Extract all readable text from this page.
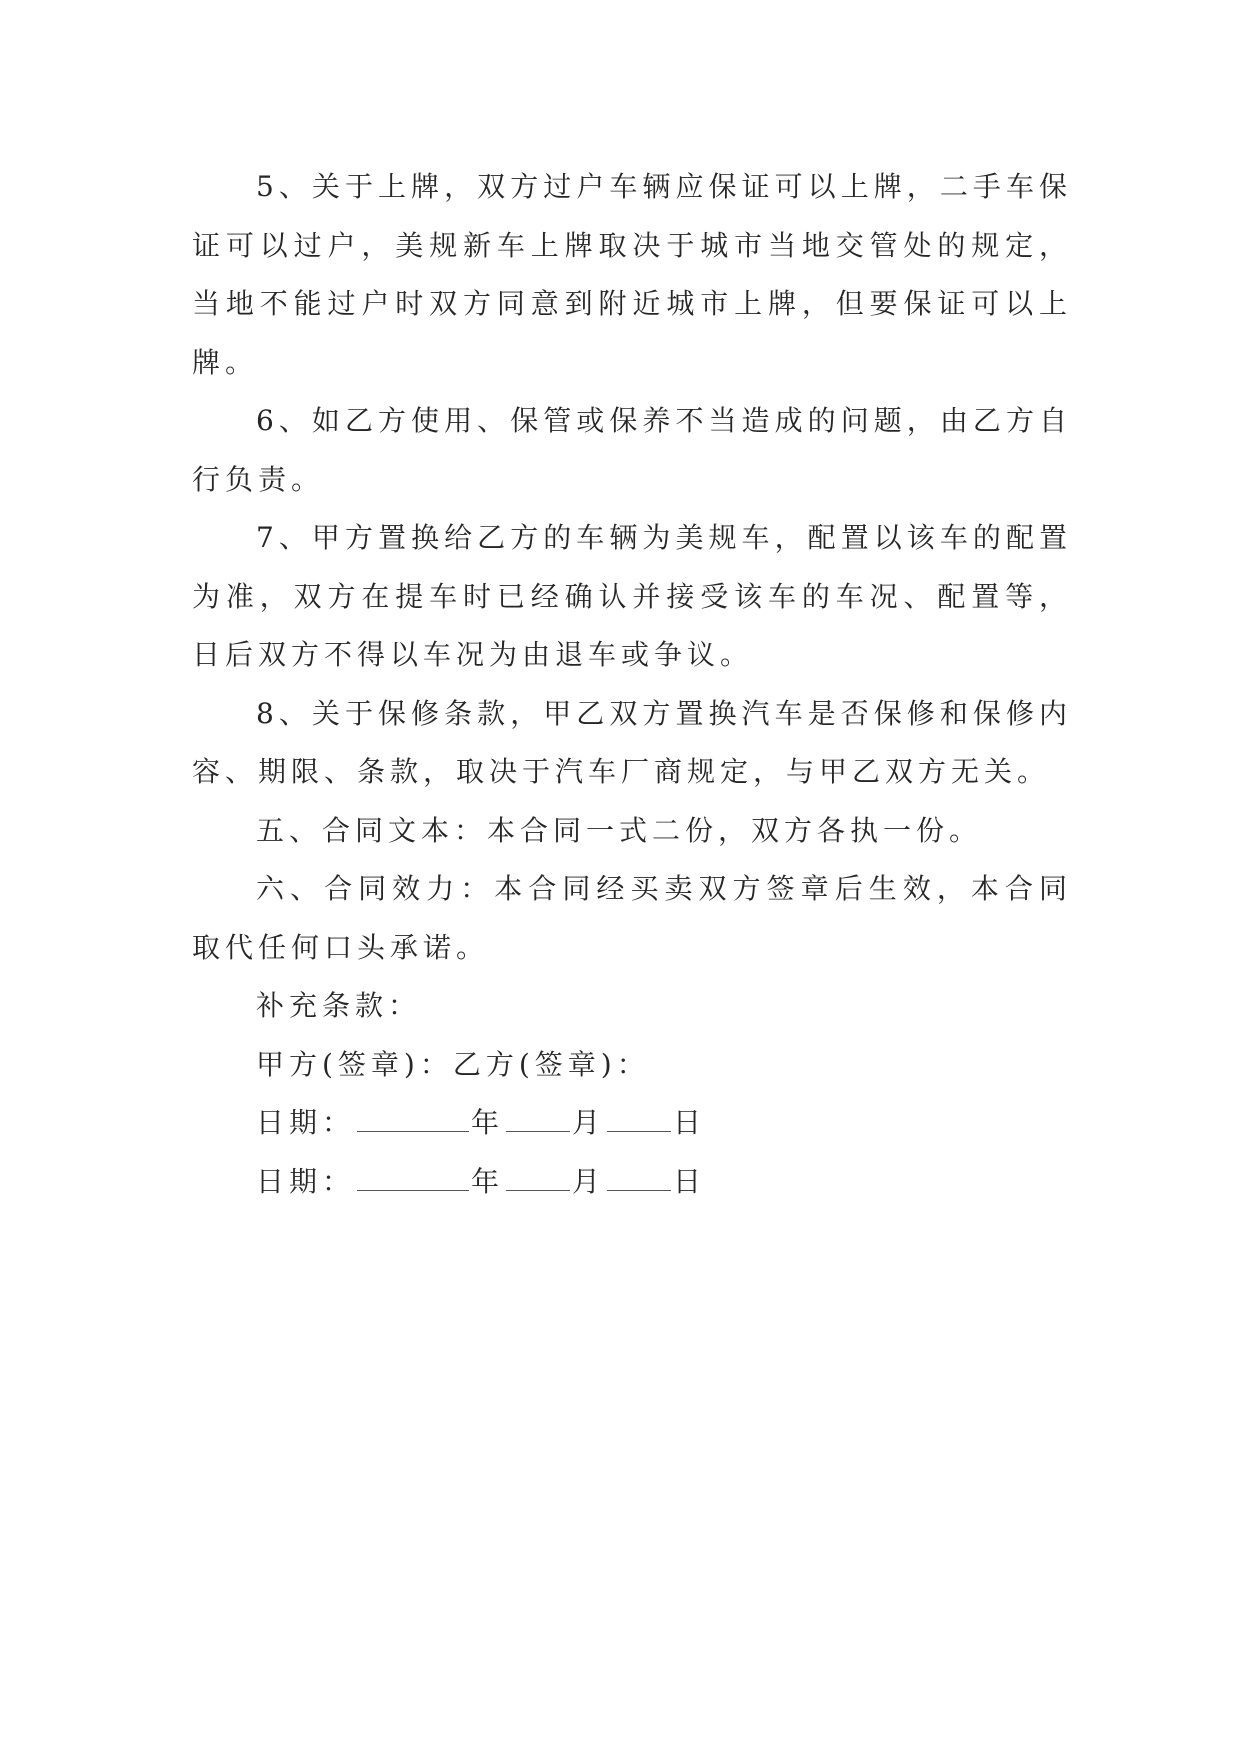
5、关于上牌，双方过户车辆应保证可以上牌，二手车保证可以过户，美规新车上牌取决于城市当地交管处的规定，当地不能过户时双方同意到附近城市上牌，但要保证可以上牌。

6、如乙方使用、保管或保养不当造成的问题，由乙方自行负责。

7、甲方置换给乙方的车辆为美规车，配置以该车的配置为准，双方在提车时已经确认并接受该车的车况、配置等，日后双方不得以车况为由退车或争议。

8、关于保修条款，甲乙双方置换汽车是否保修和保修内容、期限、条款，取决于汽车厂商规定，与甲乙双方无关。

五、合同文本：本合同一式二份，双方各执一份。

六、合同效力：本合同经买卖双方签章后生效，本合同取代任何口头承诺。

补充条款：

甲方(签章)：乙方(签章)：

日期：	年 月 日

日期：	年 月 日
